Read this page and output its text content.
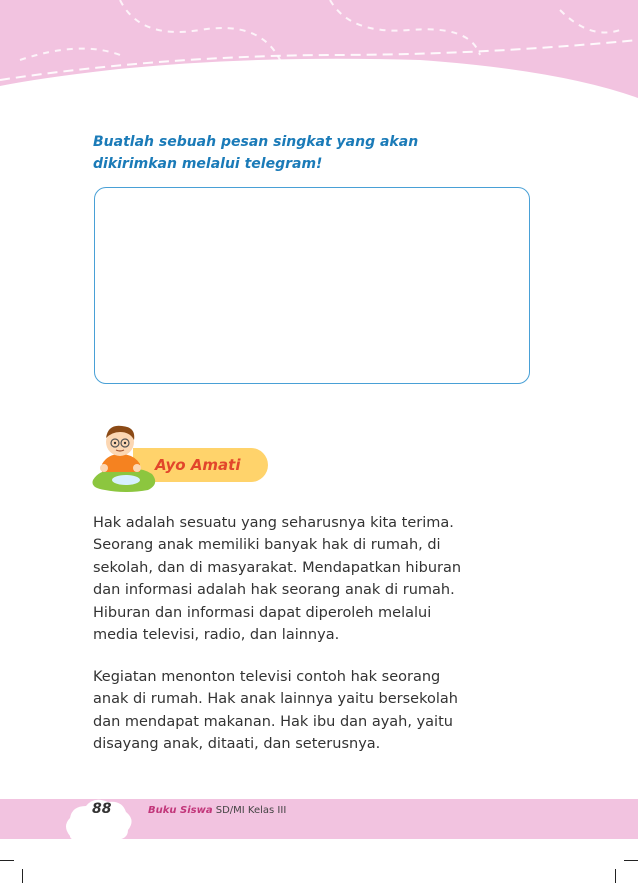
Buatlah sebuah pesan singkat yang akan
dikirimkan melalui telegram!

Ayo Amati

Hak adalah sesuatu yang seharusnya kita terima.
Seorang anak memiliki banyak hak di rumah, di
sekolah, dan di masyarakat. Mendapatkan hiburan
dan informasi adalah hak seorang anak di rumah.
Hiburan dan informasi dapat diperoleh melalui
media televisi, radio, dan lainnya.

Kegiatan menonton televisi contoh hak seorang
anak di rumah. Hak anak lainnya yaitu bersekolah
dan mendapat makanan. Hak ibu dan ayah, yaitu
disayang anak, ditaati, dan seterusnya.

88	Buku Siswa SD/MI Kelas III
